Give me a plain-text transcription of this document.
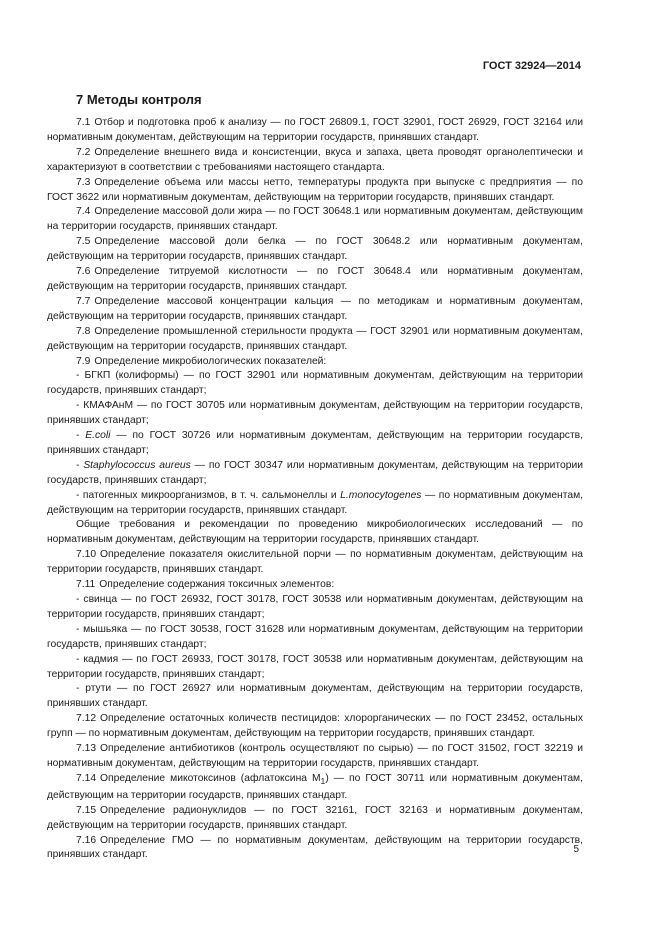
ГОСТ 32924—2014
7 Методы контроля

7.1 Отбор и подготовка проб к анализу — по ГОСТ 26809.1, ГОСТ 32901, ГОСТ 26929, ГОСТ 32164 или нормативным документам, действующим на территории государств, принявших стандарт.

7.2 Определение внешнего вида и консистенции, вкуса и запаха, цвета проводят органолептически и характеризуют в соответствии с требованиями настоящего стандарта.

7.3 Определение объема или массы нетто, температуры продукта при выпуске с предприятия — по ГОСТ 3622 или нормативным документам, действующим на территории государств, принявших стандарт.

7.4 Определение массовой доли жира — по ГОСТ 30648.1 или нормативным документам, действующим на территории государств, принявших стандарт.

7.5 Определение массовой доли белка — по ГОСТ 30648.2 или нормативным документам, действующим на территории государств, принявших стандарт.

7.6 Определение титруемой кислотности — по ГОСТ 30648.4 или нормативным документам, действующим на территории государств, принявших стандарт.

7.7 Определение массовой концентрации кальция — по методикам и нормативным документам, действующим на территории государств, принявших стандарт.

7.8 Определение промышленной стерильности продукта — ГОСТ 32901 или нормативным документам, действующим на территории государств, принявших стандарт.

7.9 Определение микробиологических показателей:

- БГКП (колиформы) — по ГОСТ 32901 или нормативным документам, действующим на территории государств, принявших стандарт;

- КМАФАнМ — по ГОСТ 30705 или нормативным документам, действующим на территории государств, принявших стандарт;

- E.coli — по ГОСТ 30726 или нормативным документам, действующим на территории государств, принявших стандарт;

- Staphylococcus aureus — по ГОСТ 30347 или нормативным документам, действующим на территории государств, принявших стандарт;

- патогенных микроорганизмов, в т. ч. сальмонеллы и L.monocytogenes — по нормативным документам, действующим на территории государств, принявших стандарт.

Общие требования и рекомендации по проведению микробиологических исследований — по нормативным документам, действующим на территории государств, принявших стандарт.

7.10 Определение показателя окислительной порчи — по нормативным документам, действующим на территории государств, принявших стандарт.

7.11 Определение содержания токсичных элементов:

- свинца — по ГОСТ 26932, ГОСТ 30178, ГОСТ 30538 или нормативным документам, действующим на территории государств, принявших стандарт;

- мышьяка — по ГОСТ 30538, ГОСТ 31628 или нормативным документам, действующим на территории государств, принявших стандарт;

- кадмия — по ГОСТ 26933, ГОСТ 30178, ГОСТ 30538 или нормативным документам, действующим на территории государств, принявших стандарт;

- ртути — по ГОСТ 26927 или нормативным документам, действующим на территории государств, принявших стандарт.

7.12 Определение остаточных количеств пестицидов: хлорорганических — по ГОСТ 23452, остальных групп — по нормативным документам, действующим на территории государств, принявших стандарт.

7.13 Определение антибиотиков (контроль осуществляют по сырью) — по ГОСТ 31502, ГОСТ 32219 и нормативным документам, действующим на территории государств, принявших стандарт.

7.14 Определение микотоксинов (афлатоксина $M_1$) — по ГОСТ 30711 или нормативным документам, действующим на территории государств, принявших стандарт.

7.15 Определение радионуклидов — по ГОСТ 32161, ГОСТ 32163 и нормативным документам, действующим на территории государств, принявших стандарт.

7.16 Определение ГМО — по нормативным документам, действующим на территории государств, принявших стандарт.	5
